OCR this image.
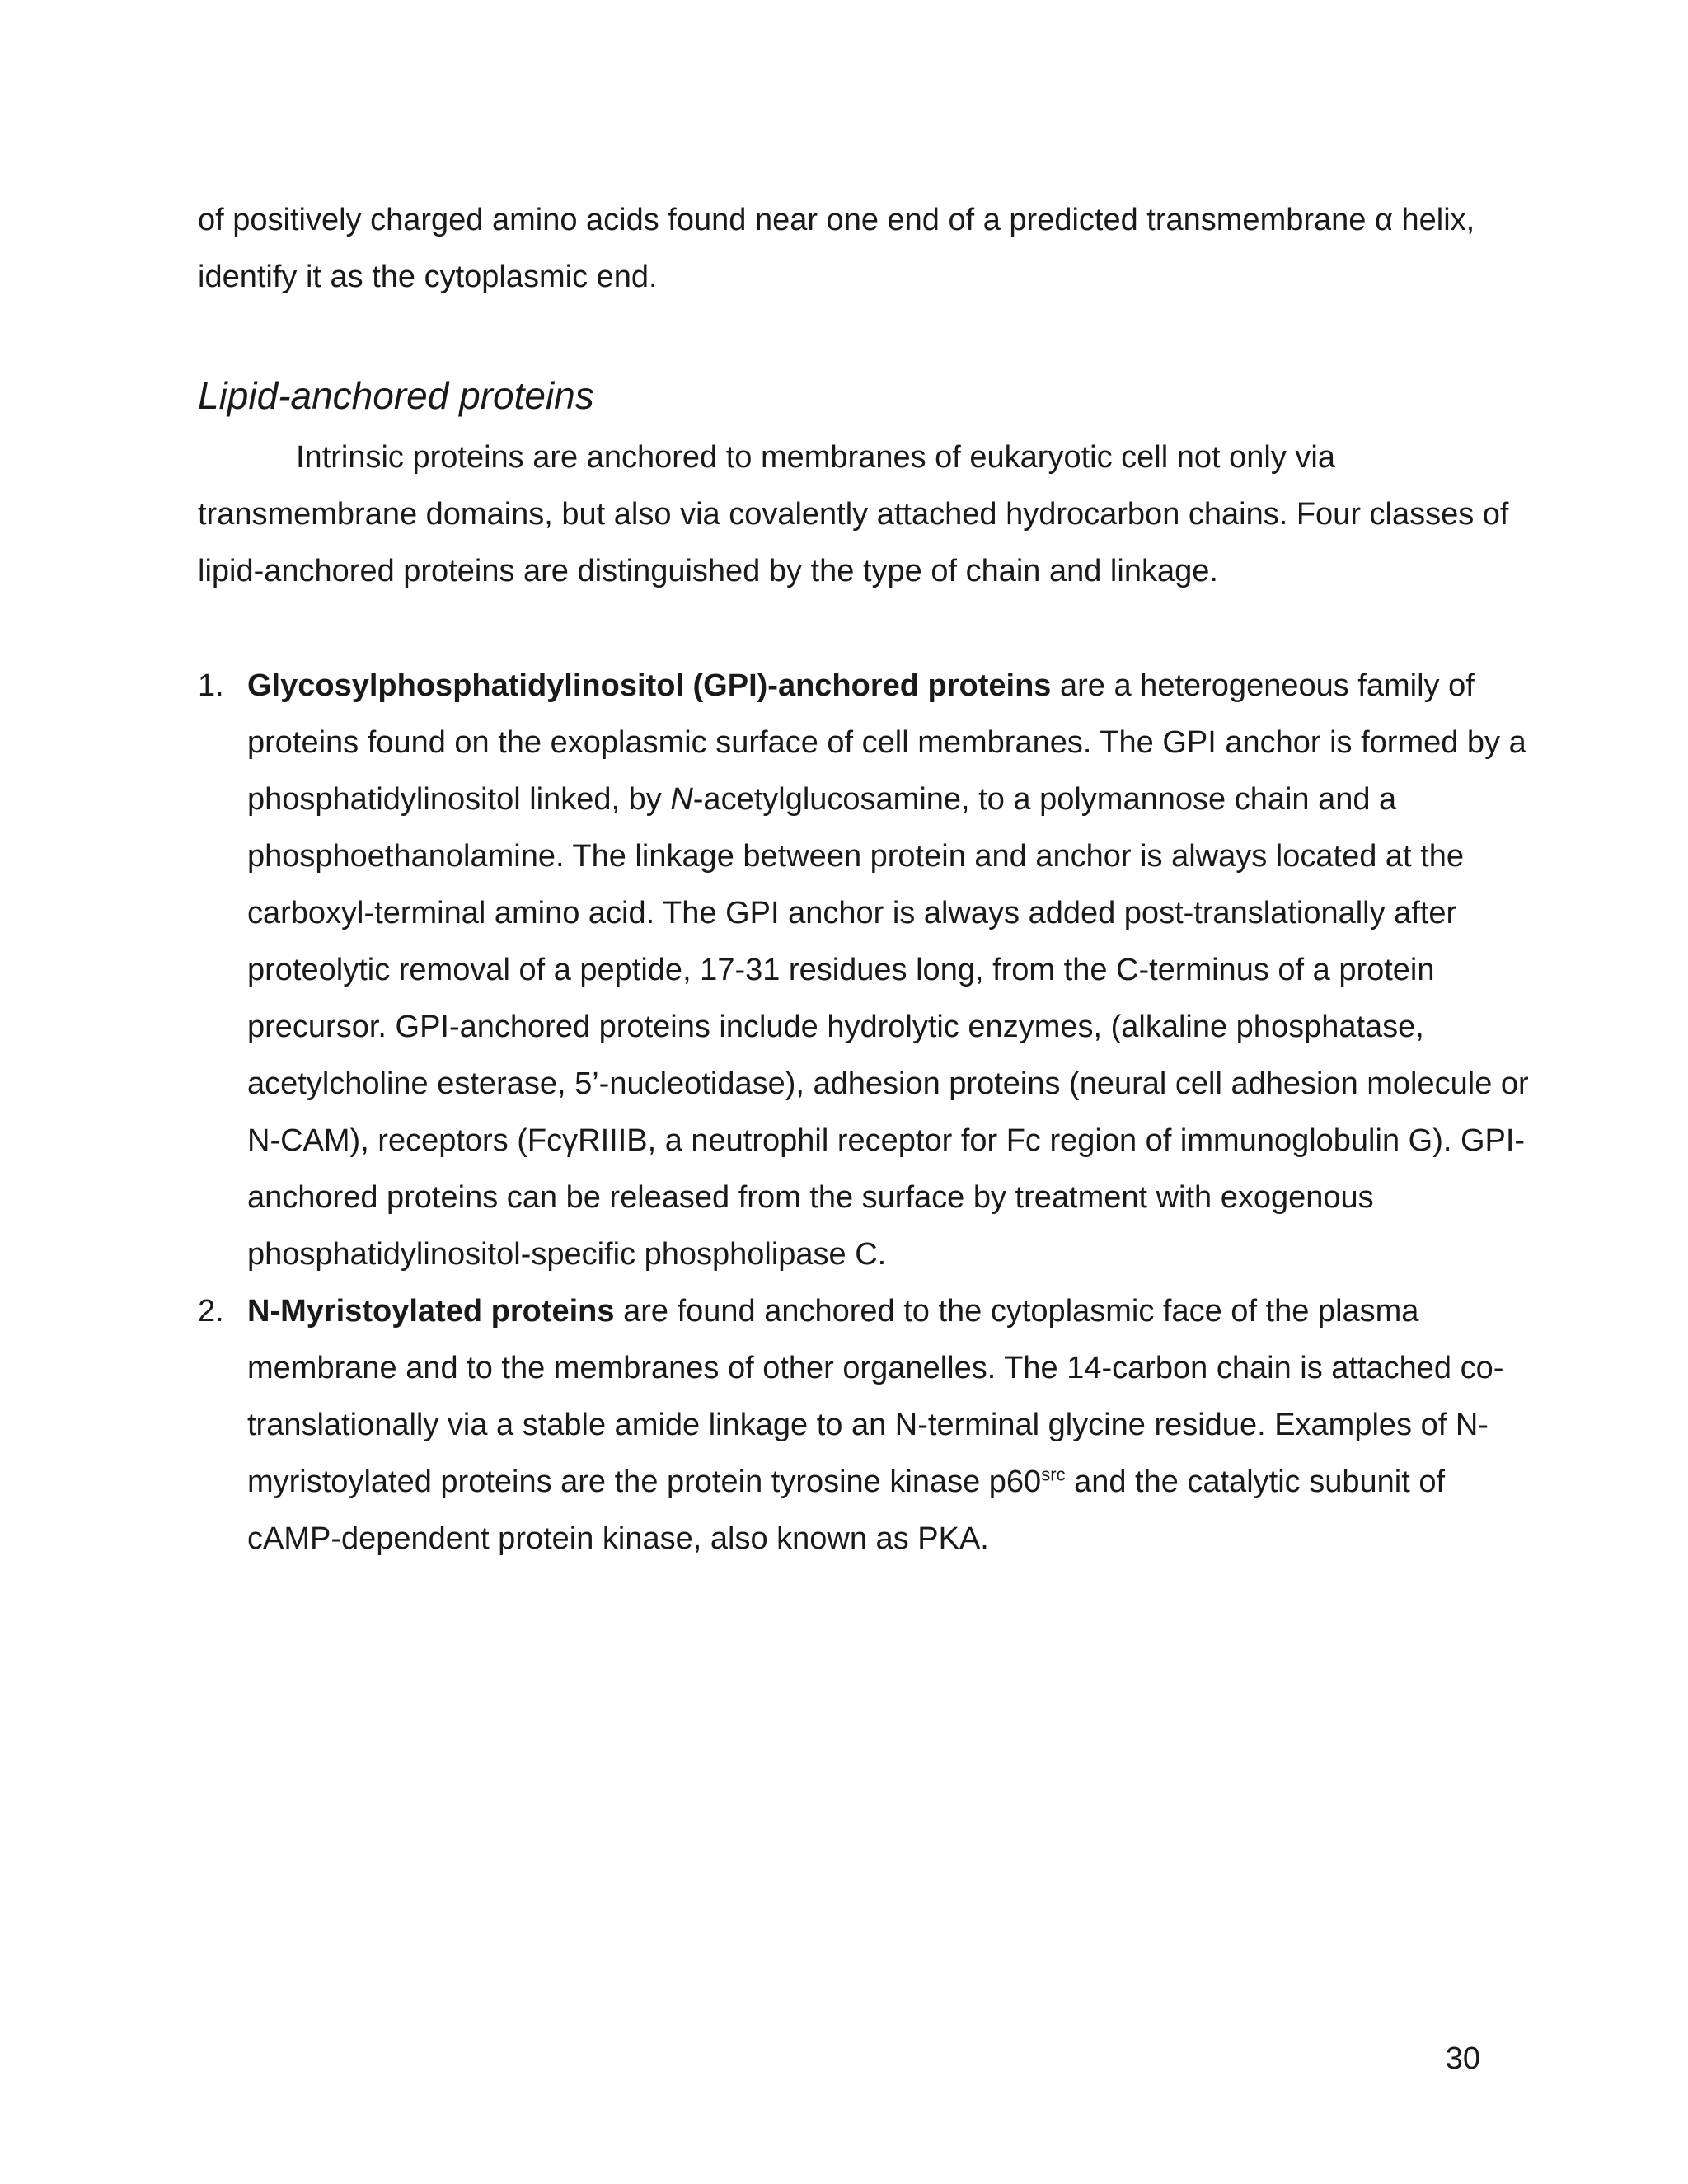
of positively charged amino acids found near one end of a predicted transmembrane α helix, identify it as the cytoplasmic end.

Lipid-anchored proteins

Intrinsic proteins are anchored to membranes of eukaryotic cell not only via transmembrane domains, but also via covalently attached hydrocarbon chains. Four classes of lipid-anchored proteins are distinguished by the type of chain and linkage.

1. Glycosylphosphatidylinositol (GPI)-anchored proteins are a heterogeneous family of proteins found on the exoplasmic surface of cell membranes. The GPI anchor is formed by a phosphatidylinositol linked, by N-acetylglucosamine, to a polymannose chain and a phosphoethanolamine. The linkage between protein and anchor is always located at the carboxyl-terminal amino acid. The GPI anchor is always added post-translationally after proteolytic removal of a peptide, 17-31 residues long, from the C-terminus of a protein precursor. GPI-anchored proteins include hydrolytic enzymes, (alkaline phosphatase, acetylcholine esterase, 5’-nucleotidase), adhesion proteins (neural cell adhesion molecule or N-CAM), receptors (FcγRIIIB, a neutrophil receptor for Fc region of immunoglobulin G). GPI-anchored proteins can be released from the surface by treatment with exogenous phosphatidylinositol-specific phospholipase C.
2. N-Myristoylated proteins are found anchored to the cytoplasmic face of the plasma membrane and to the membranes of other organelles. The 14-carbon chain is attached co-translationally via a stable amide linkage to an N-terminal glycine residue. Examples of N-myristoylated proteins are the protein tyrosine kinase $p60^{src}$ and the catalytic subunit of cAMP-dependent protein kinase, also known as PKA.
30
